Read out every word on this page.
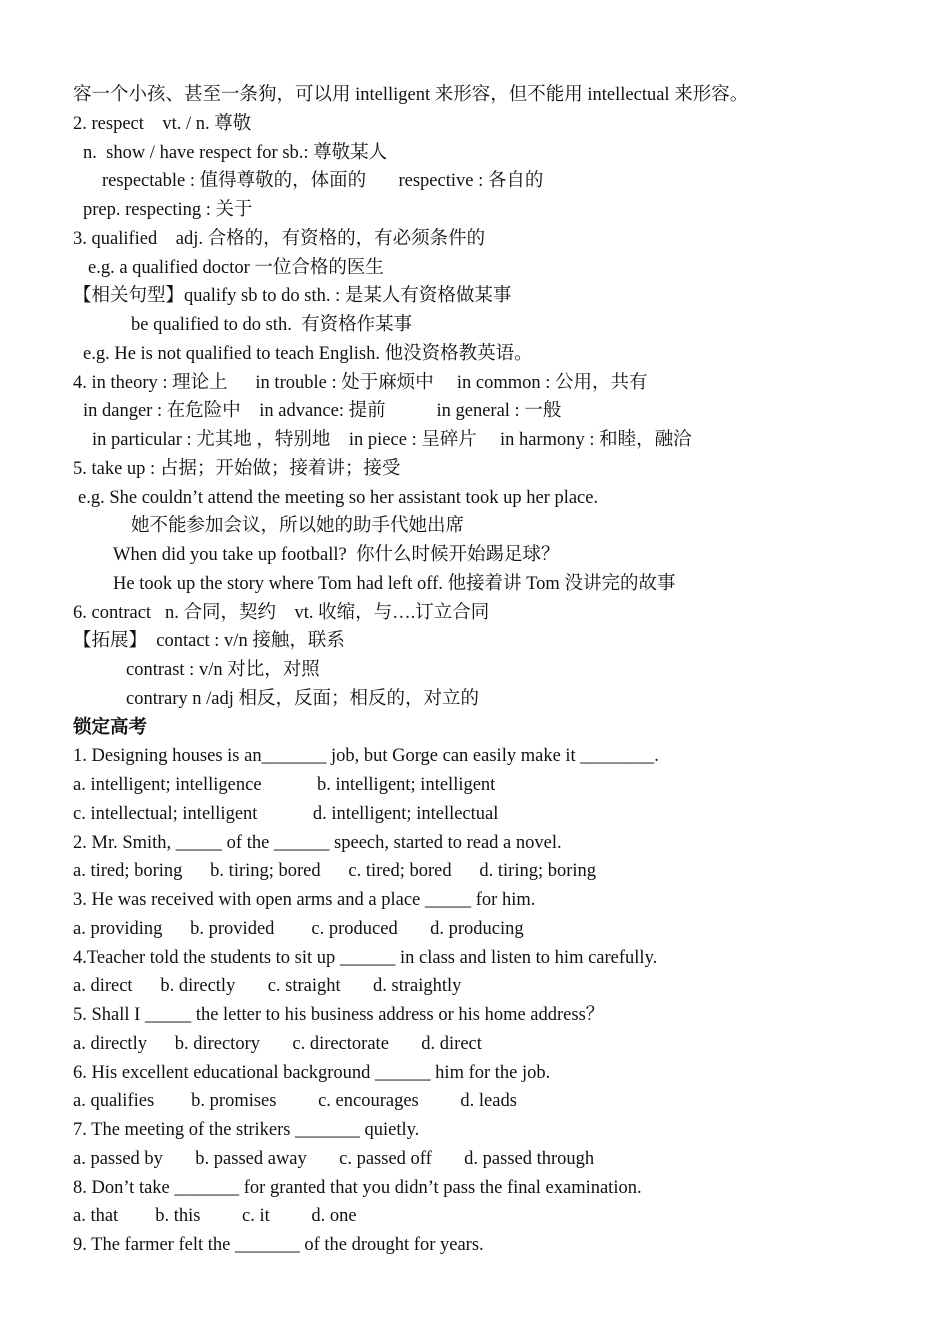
容一个小孩、甚至一条狗，可以用 intelligent 来形容，但不能用 intellectual 来形容。
2. respect    vt. / n. 尊敬
n.  show / have respect for sb.: 尊敬某人
respectable : 值得尊敬的，体面的       respective : 各自的
prep. respecting : 关于
3. qualified    adj. 合格的，有资格的，有必须条件的
e.g. a qualified doctor 一位合格的医生
【相关句型】qualify sb to do sth. : 是某人有资格做某事
be qualified to do sth.  有资格作某事
e.g. He is not qualified to teach English. 他没资格教英语。
4. in theory : 理论上      in trouble : 处于麻烦中     in common : 公用，共有
in danger : 在危险中    in advance: 提前           in general : 一般
in particular : 尤其地 ，特别地    in piece : 呈碎片     in harmony : 和睦，融洽
5. take up : 占据；开始做；接着讲；接受
e.g. She couldn’t attend the meeting so her assistant took up her place.
她不能参加会议，所以她的助手代她出席
When did you take up football?  你什么时候开始踢足球？
He took up the story where Tom had left off. 他接着讲 Tom 没讲完的故事
6. contract   n. 合同，契约    vt. 收缩，与….订立合同
【拓展】  contact : v/n 接触，联系
contrast : v/n 对比，对照
contrary n /adj 相反，反面；相反的，对立的
锁定高考
1. Designing houses is an_______ job, but Gorge can easily make it ________.
a. intelligent; intelligence            b. intelligent; intelligent
c. intellectual; intelligent            d. intelligent; intellectual
2. Mr. Smith, _____ of the ______ speech, started to read a novel.
a. tired; boring      b. tiring; bored      c. tired; bored      d. tiring; boring
3. He was received with open arms and a place _____ for him.
a. providing      b. provided        c. produced       d. producing
4.Teacher told the students to sit up ______ in class and listen to him carefully.
a. direct      b. directly       c. straight       d. straightly
5. Shall I _____ the letter to his business address or his home address？
a. directly      b. directory       c. directorate       d. direct
6. His excellent educational background ______ him for the job.
a. qualifies        b. promises         c. encourages         d. leads
7. The meeting of the strikers _______ quietly.
a. passed by       b. passed away       c. passed off       d. passed through
8. Don’t take _______ for granted that you didn’t pass the final examination.
a. that        b. this         c. it         d. one
9. The farmer felt the _______ of the drought for years.
